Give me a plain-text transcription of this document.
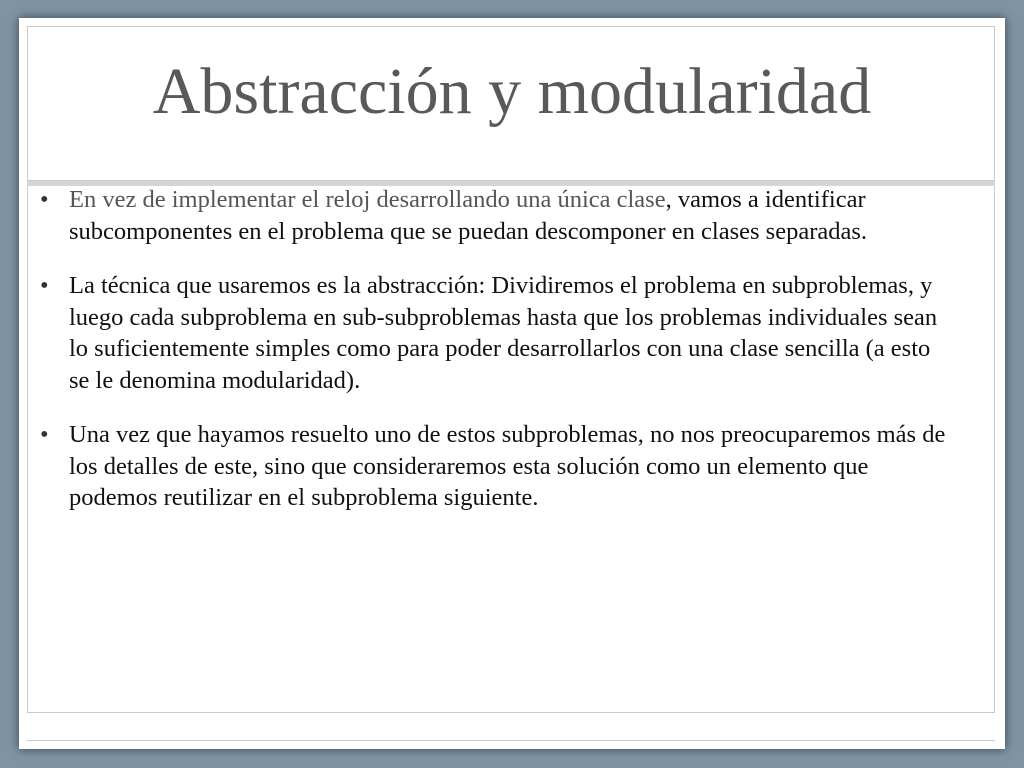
Abstracción y modularidad
• En vez de implementar el reloj desarrollando una única clase, vamos a identificar subcomponentes en el problema que se puedan descomponer en clases separadas.
• La técnica que usaremos es la abstracción: Dividiremos el problema en subproblemas, y luego cada subproblema en sub-subproblemas hasta que los problemas individuales sean lo suficientemente simples como para poder desarrollarlos con una clase sencilla (a esto se le denomina modularidad).
• Una vez que hayamos resuelto uno de estos subproblemas, no nos preocuparemos más de los detalles de este, sino que consideraremos esta solución como un elemento que podemos reutilizar en el subproblema siguiente.
